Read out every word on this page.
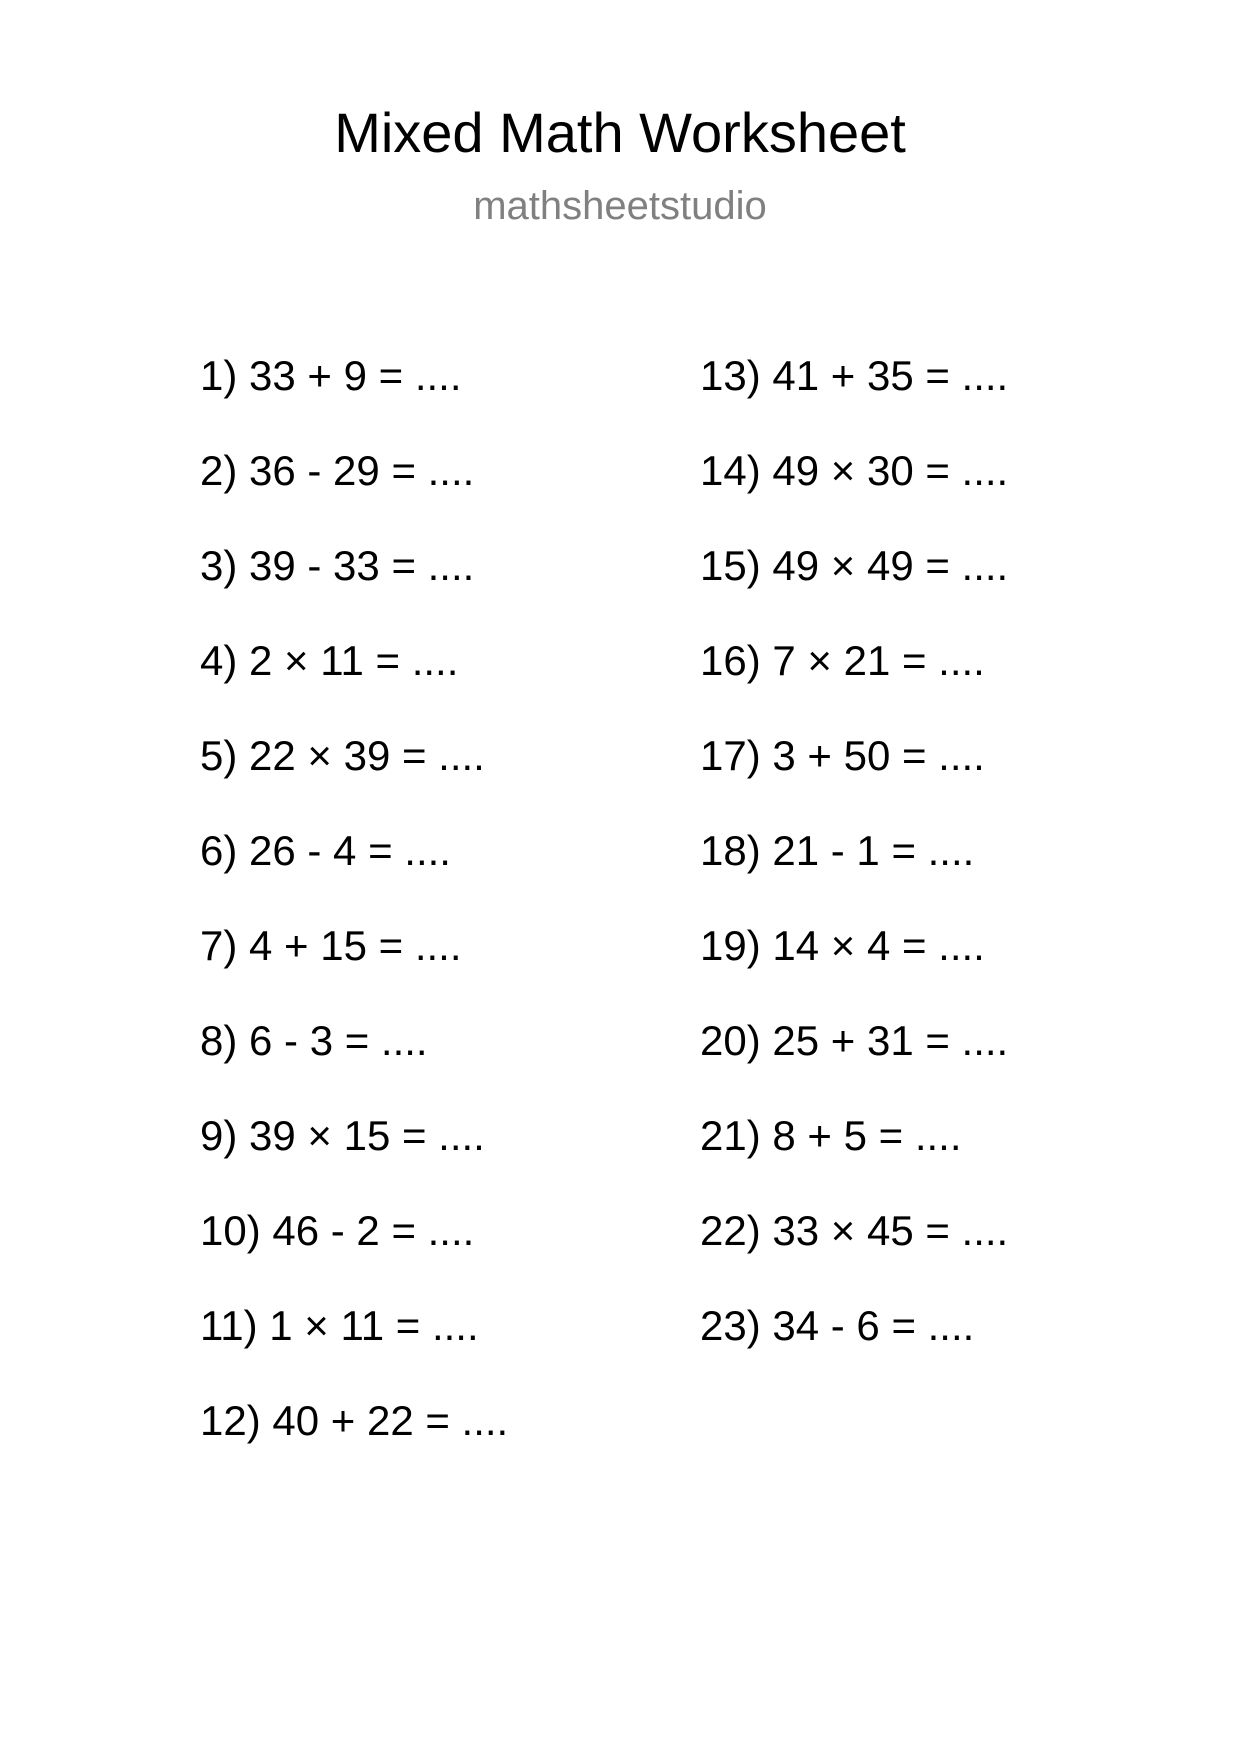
Mixed Math Worksheet
mathsheetstudio
1) 33 + 9 = ....
2) 36 - 29 = ....
3) 39 - 33 = ....
4) 2 × 11 = ....
5) 22 × 39 = ....
6) 26 - 4 = ....
7) 4 + 15 = ....
8) 6 - 3 = ....
9) 39 × 15 = ....
10) 46 - 2 = ....
11) 1 × 11 = ....
12) 40 + 22 = ....
13) 41 + 35 = ....
14) 49 × 30 = ....
15) 49 × 49 = ....
16) 7 × 21 = ....
17) 3 + 50 = ....
18) 21 - 1 = ....
19) 14 × 4 = ....
20) 25 + 31 = ....
21) 8 + 5 = ....
22) 33 × 45 = ....
23) 34 - 6 = ....
